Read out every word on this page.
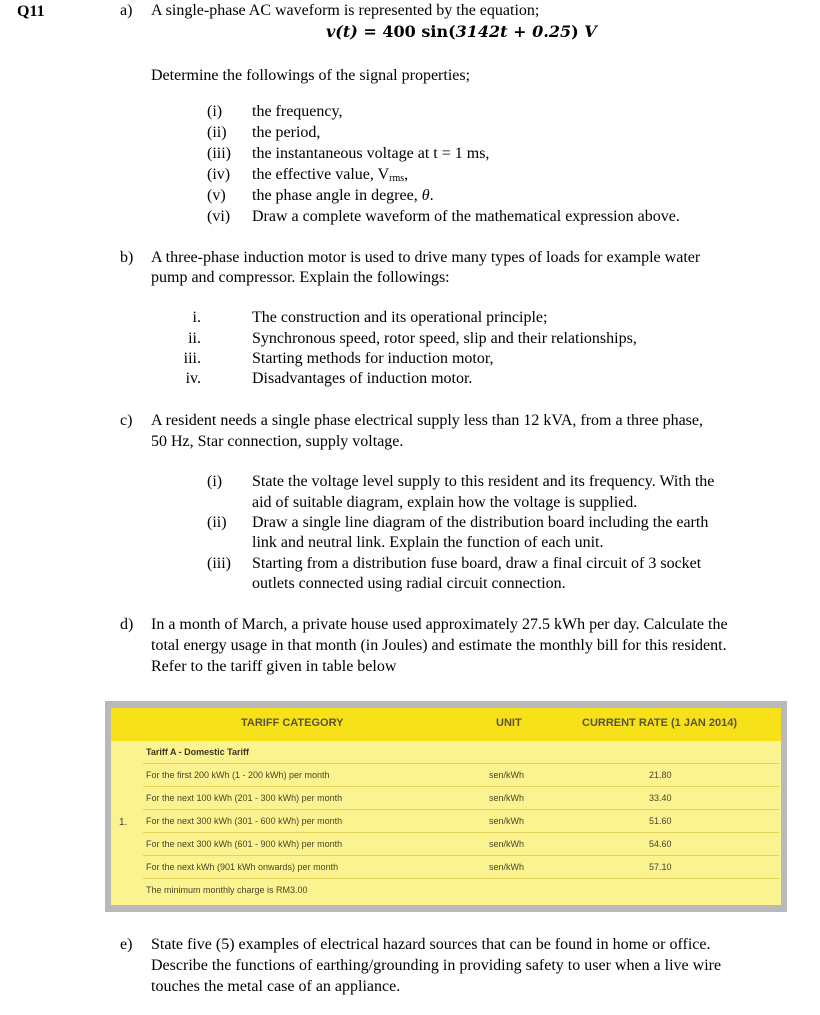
Q11	a) A single-phase AC waveform is represented by the equation;
v(t) = 400 sin(3142t + 0.25) V
Determine the followings of the signal properties;
(i) the frequency,
(ii) the period,
(iii) the instantaneous voltage at t = 1 ms,
(iv) the effective value, $V_{rms}$,
(v) the phase angle in degree, θ.
(vi) Draw a complete waveform of the mathematical expression above.
b) A three-phase induction motor is used to drive many types of loads for example water
pump and compressor. Explain the followings:
i.	The construction and its operational principle;
ii.	Synchronous speed, rotor speed, slip and their relationships,
iii.	Starting methods for induction motor,
iv.	Disadvantages of induction motor.
c) A resident needs a single phase electrical supply less than 12 kVA, from a three phase,
50 Hz, Star connection, supply voltage.
(i) State the voltage level supply to this resident and its frequency. With the
aid of suitable diagram, explain how the voltage is supplied.
(ii) Draw a single line diagram of the distribution board including the earth
link and neutral link. Explain the function of each unit.
(iii) Starting from a distribution fuse board, draw a final circuit of 3 socket
outlets connected using radial circuit connection.
d) In a month of March, a private house used approximately 27.5 kWh per day. Calculate the
total energy usage in that month (in Joules) and estimate the monthly bill for this resident.
Refer to the tariff given in table below
TARIFF CATEGORY	UNIT	CURRENT RATE (1 JAN 2014)
Tariff A - Domestic Tariff
For the first 200 kWh (1 - 200 kWh) per month	sen/kWh	21.80
For the next 100 kWh (201 - 300 kWh) per month	sen/kWh	33.40
For the next 300 kWh (301 - 600 kWh) per month	sen/kWh	51.60
For the next 300 kWh (601 - 900 kWh) per month	sen/kWh	54.60
For the next kWh (901 kWh onwards) per month	sen/kWh	57.10
The minimum monthly charge is RM3.00
1.
e) State five (5) examples of electrical hazard sources that can be found in home or office.
Describe the functions of earthing/grounding in providing safety to user when a live wire
touches the metal case of an appliance.
